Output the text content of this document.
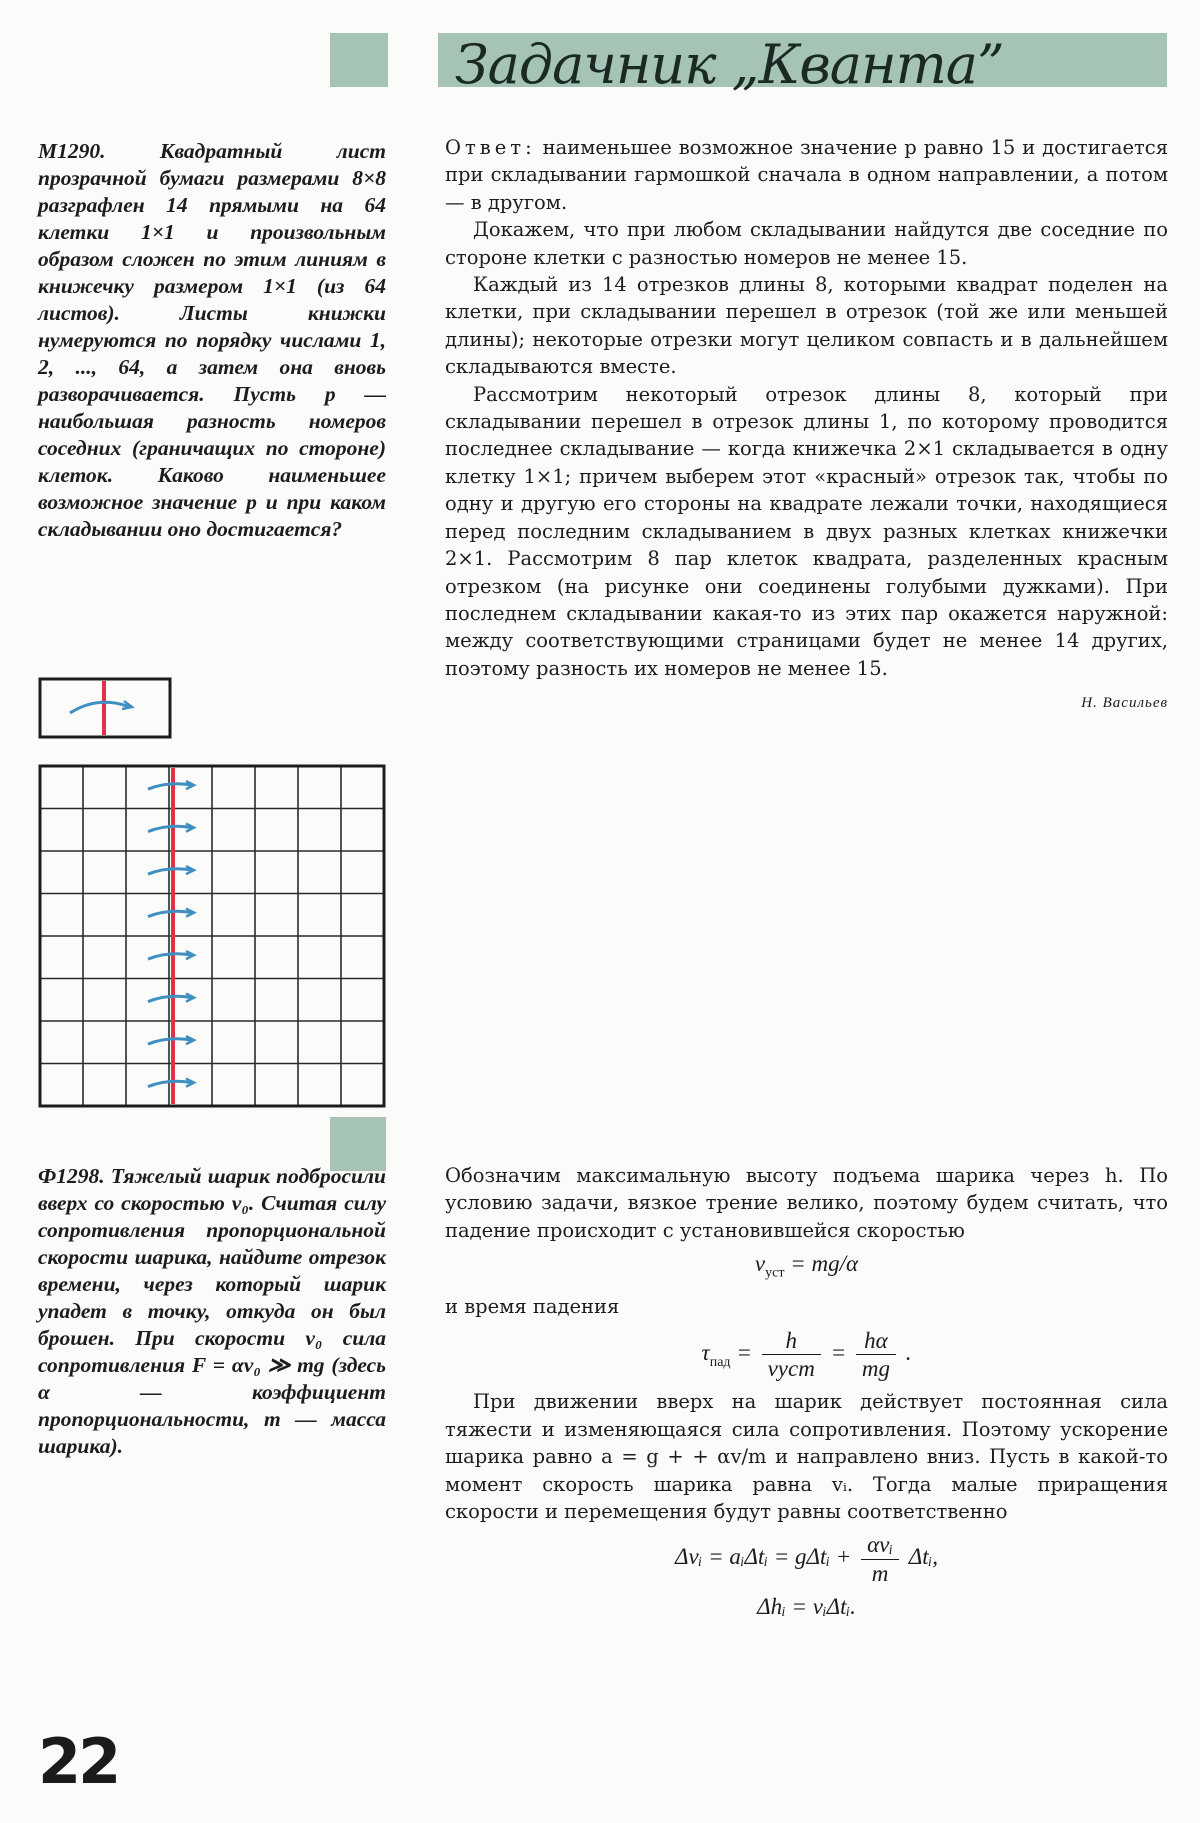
Задачник „Кванта”
М1290.	Квадратный лист прозрачной бумаги размерами 8×8 разграфлен 14 прямыми на 64 клетки 1×1 и произвольным образом сложен по этим линиям в книжечку размером 1×1 (из 64 листов). Листы книжки нумеруются по порядку числами 1, 2, ..., 64, а затем она вновь разворачивается. Пусть p — наибольшая разность номеров соседних (граничащих по стороне) клеток. Каково наименьшее возможное значение p и при каком складывании оно достигается?

Ответ: наименьшее возможное значение p равно 15 и достигается при складывании гармошкой сначала в одном направлении, а потом — в другом.

Докажем, что при любом складывании найдутся две соседние по стороне клетки с разностью номеров не менее 15.

Каждый из 14 отрезков длины 8, которыми квадрат поделен на клетки, при складывании перешел в отрезок (той же или меньшей длины); некоторые отрезки могут целиком совпасть и в дальнейшем складываются вместе.

Рассмотрим некоторый отрезок длины 8, который при складывании перешел в отрезок длины 1, по которому проводится последнее складывание — когда книжечка 2×1 складывается в одну клетку 1×1; причем выберем этот «красный» отрезок так, чтобы по одну и другую его стороны на квадрате лежали точки, находящиеся перед последним складыванием в двух разных клетках книжечки 2×1. Рассмотрим 8 пар клеток квадрата, разделенных красным отрезком (на рисунке они соединены голубыми дужками). При последнем складывании какая-то из этих пар окажется наружной: между соответствующими страницами будет не менее 14 других, поэтому разность их номеров не менее 15.

Н. Васильев
Ф1298. Тяжелый шарик подбросили вверх со скоростью v₀. Считая силу сопротивления пропорциональной скорости шарика, найдите отрезок времени, через который шарик упадет в точку, откуда он был брошен. При скорости v₀ сила сопротивления F = αv₀ ≫ mg (здесь α — коэффициент пропорциональности, m — масса шарика).

Обозначим максимальную высоту подъема шарика через h. По условию задачи, вязкое трение велико, поэтому будем считать, что падение происходит с установившейся скоростью

$v_{уст} = mg/\alpha$

и время падения

$\tau_{пад} = \frac{h}{\text{vуст}} = \frac{h\alpha}{mg}$ .

При движении вверх на шарик действует постоянная сила тяжести и изменяющаяся сила сопротивления. Поэтому ускорение шарика равно a = g + + αv/m и направлено вниз. Пусть в какой-то момент скорость шарика равна vᵢ. Тогда малые приращения скорости и перемещения будут равны соответственно

Δvᵢ = aᵢΔtᵢ = gΔtᵢ + $\frac{\text{αvᵢ}}{m}$ Δtᵢ,
Δhᵢ = vᵢΔtᵢ.
22
